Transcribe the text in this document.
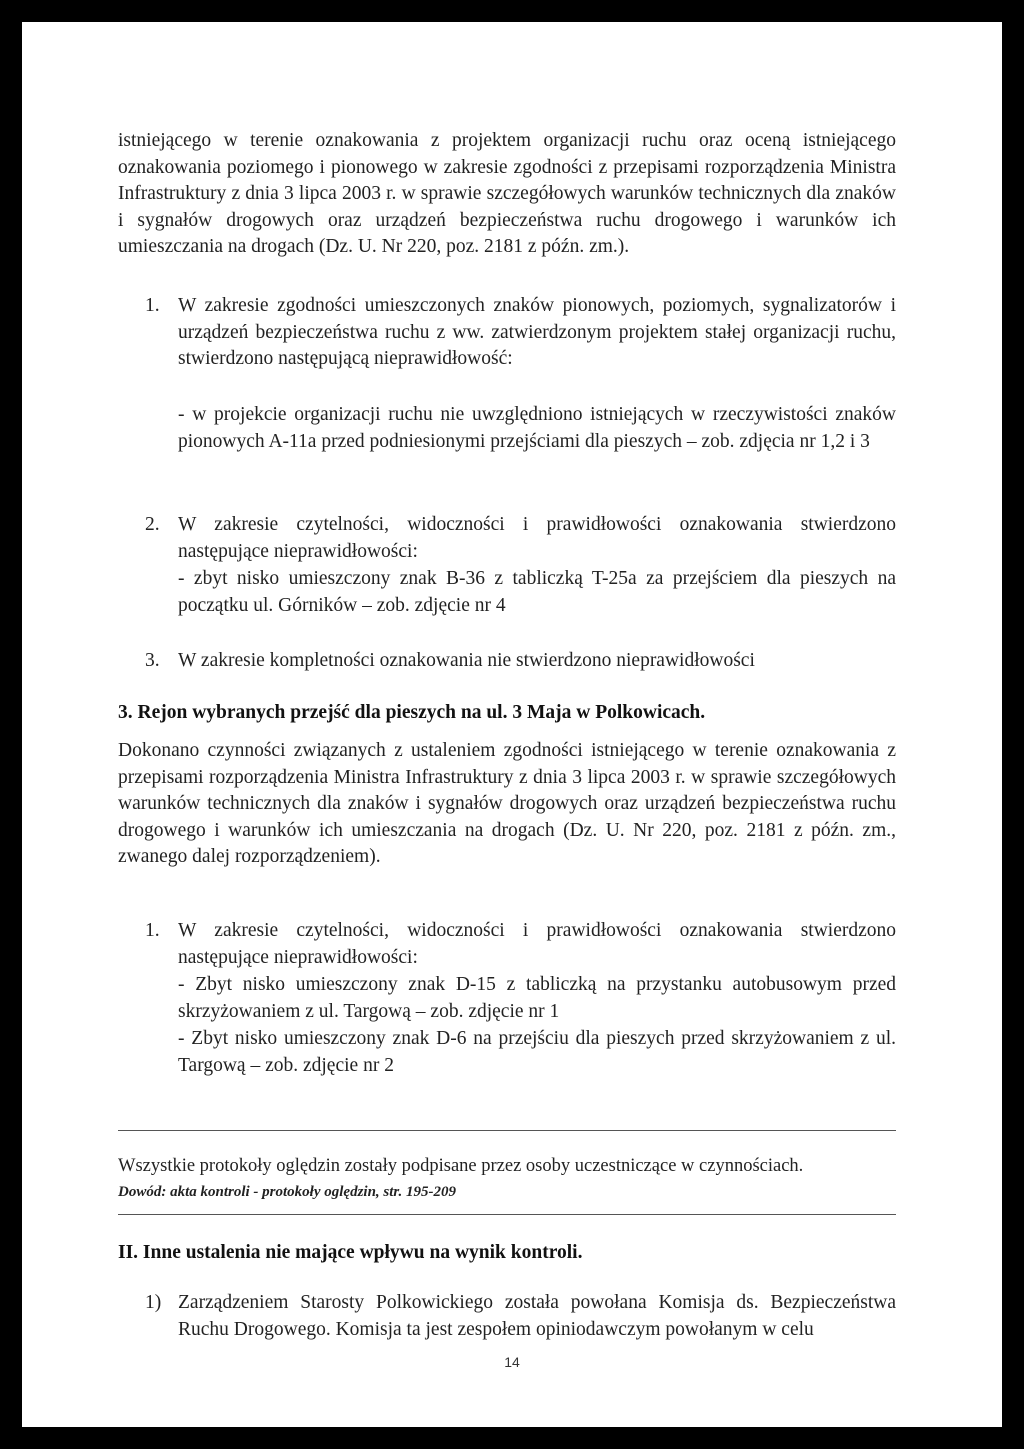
istniejącego w terenie oznakowania z projektem organizacji ruchu oraz oceną istniejącego oznakowania poziomego i pionowego w zakresie zgodności z przepisami rozporządzenia Ministra Infrastruktury z dnia 3 lipca 2003 r. w sprawie szczegółowych warunków technicznych dla znaków i sygnałów drogowych oraz urządzeń bezpieczeństwa ruchu drogowego i warunków ich umieszczania na drogach (Dz. U. Nr 220, poz. 2181 z późn. zm.).

1. W zakresie zgodności umieszczonych znaków pionowych, poziomych, sygnalizatorów i urządzeń bezpieczeństwa ruchu z ww. zatwierdzonym projektem stałej organizacji ruchu, stwierdzono następującą nieprawidłowość:

- w projekcie organizacji ruchu nie uwzględniono istniejących w rzeczywistości znaków pionowych A-11a przed podniesionymi przejściami dla pieszych – zob. zdjęcia nr 1,2 i 3

2. W zakresie czytelności, widoczności i prawidłowości oznakowania stwierdzono następujące nieprawidłowości:

- zbyt nisko umieszczony znak B-36 z tabliczką T-25a za przejściem dla pieszych na początku ul. Górników – zob. zdjęcie nr 4

3. W zakresie kompletności oznakowania nie stwierdzono nieprawidłowości

3. Rejon wybranych przejść dla pieszych na ul. 3 Maja w Polkowicach.

Dokonano czynności związanych z ustaleniem zgodności istniejącego w terenie oznakowania z przepisami rozporządzenia Ministra Infrastruktury z dnia 3 lipca 2003 r. w sprawie szczegółowych warunków technicznych dla znaków i sygnałów drogowych oraz urządzeń bezpieczeństwa ruchu drogowego i warunków ich umieszczania na drogach (Dz. U. Nr 220, poz. 2181 z późn. zm., zwanego dalej rozporządzeniem).

1. W zakresie czytelności, widoczności i prawidłowości oznakowania stwierdzono następujące nieprawidłowości:

- Zbyt nisko umieszczony znak D-15 z tabliczką na przystanku autobusowym przed skrzyżowaniem z ul. Targową – zob. zdjęcie nr 1

- Zbyt nisko umieszczony znak D-6 na przejściu dla pieszych przed skrzyżowaniem z ul. Targową – zob. zdjęcie nr 2

Wszystkie protokoły oględzin zostały podpisane przez osoby uczestniczące w czynnościach.
Dowód: akta kontroli - protokoły oględzin, str. 195-209
II. Inne ustalenia nie mające wpływu na wynik kontroli.
1) Zarządzeniem Starosty Polkowickiego została powołana Komisja ds. Bezpieczeństwa Ruchu Drogowego. Komisja ta jest zespołem opiniodawczym powołanym w celu

14
